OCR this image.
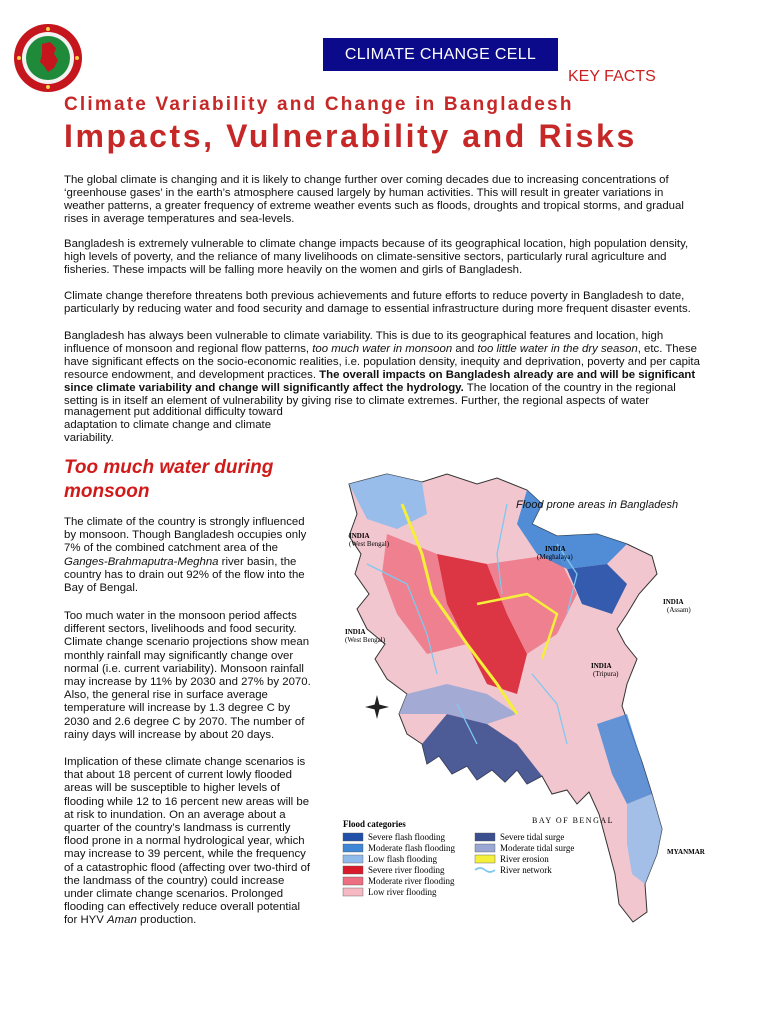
CLIMATE CHANGE CELL
KEY FACTS
Climate Variability and Change in Bangladesh
Impacts, Vulnerability and Risks

The global climate is changing and it is likely to change further over coming decades due to increasing concentrations of ‘greenhouse gases’ in the earth’s atmosphere caused largely by human activities. This will result in greater variations in weather patterns, a greater frequency of extreme weather events such as floods, droughts and tropical storms, and gradual rises in average temperatures and sea-levels.

Bangladesh is extremely vulnerable to climate change impacts because of its geographical location, high population density, high levels of poverty, and the reliance of many livelihoods on climate-sensitive sectors, particularly rural agriculture and fisheries. These impacts will be falling more heavily on the women and girls of Bangladesh.

Climate change therefore threatens both previous achievements and future efforts to reduce poverty in Bangladesh to date, particularly by reducing water and food security and damage to essential infrastructure during more frequent disaster events.

Bangladesh has always been vulnerable to climate variability. This is due to its geographical features and location, high influence of monsoon and regional flow patterns, too much water in monsoon and too little water in the dry season, etc. These have significant effects on the socio-economic realities, i.e. population density, inequity and deprivation, poverty and per capita resource endowment, and development practices. The overall impacts on Bangladesh already are and will be significant since climate variability and change will significantly affect the hydrology. The location of the country in the regional setting is in itself an element of vulnerability by giving rise to climate extremes. Further, the regional aspects of water

management put additional difficulty toward adaptation to climate change and climate variability.

Too much water during monsoon

The climate of the country is strongly influenced by monsoon. Though Bangladesh occupies only 7% of the combined catchment area of the Ganges-Brahmaputra-Meghna river basin, the country has to drain out 92% of the flow into the Bay of Bengal.

Too much water in the monsoon period affects different sectors, livelihoods and food security. Climate change scenario projections show mean monthly rainfall may significantly change over normal (i.e. current variability). Monsoon rainfall may increase by 11% by 2030 and 27% by 2070. Also, the general rise in surface average temperature will increase by 1.3 degree C by 2030 and 2.6 degree C by 2070. The number of rainy days will increase by about 20 days.

Implication of these climate change scenarios is that about 18 percent of current lowly flooded areas will be susceptible to higher levels of flooding while 12 to 16 percent new areas will be at risk to inundation. On an average about a quarter of the country’s landmass is currently flood prone in a normal hydrological year, which may increase to 39 percent, while the frequency of a catastrophic flood (affecting over two-third of the landmass of the country) could increase under climate change scenarios. Prolonged flooding can effectively reduce overall potential for HYV Aman production.

INDIA
(West Bengal)
INDIA
(Meghalaya)
INDIA
(Assam)
INDIA
(West Bengal)
INDIA
(Tripura)
BAY OF BENGAL
MYANMAR
Flood categories
Severe flash flooding
Moderate flash flooding
Low flash flooding
Severe river flooding
Moderate river flooding
Low river flooding
Severe tidal surge
Moderate tidal surge
River erosion
River network
Flood prone areas in Bangladesh
